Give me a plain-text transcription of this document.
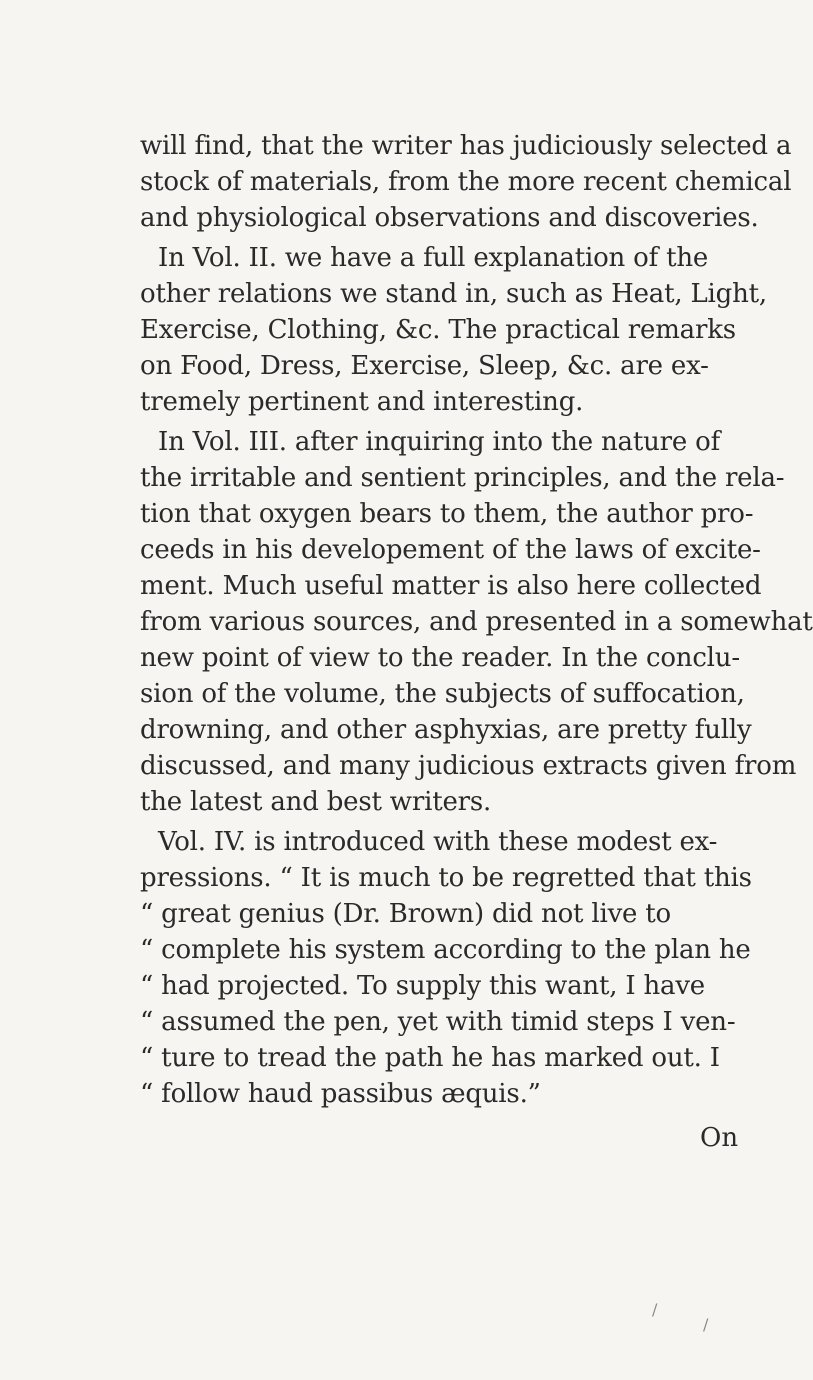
will find, that the writer has judiciously selected a
stock of materials, from the more recent chemical
and physiological observations and discoveries.
In Vol. II. we have a full explanation of the
other relations we stand in, such as Heat, Light,
Exercise, Clothing, &c. The practical remarks
on Food, Dress, Exercise, Sleep, &c. are ex-
tremely pertinent and interesting.
In Vol. III. after inquiring into the nature of
the irritable and sentient principles, and the rela-
tion that oxygen bears to them, the author pro-
ceeds in his developement of the laws of excite-
ment. Much useful matter is also here collected
from various sources, and presented in a somewhat
new point of view to the reader. In the conclu-
sion of the volume, the subjects of suffocation,
drowning, and other asphyxias, are pretty fully
discussed, and many judicious extracts given from
the latest and best writers.
Vol. IV. is introduced with these modest ex-
pressions. “ It is much to be regretted that this
“ great genius (Dr. Brown) did not live to
“ complete his system according to the plan he
“ had projected. To supply this want, I have
“ assumed the pen, yet with timid steps I ven-
“ ture to tread the path he has marked out. I
“ follow haud passibus æquis.”
On
/
/
